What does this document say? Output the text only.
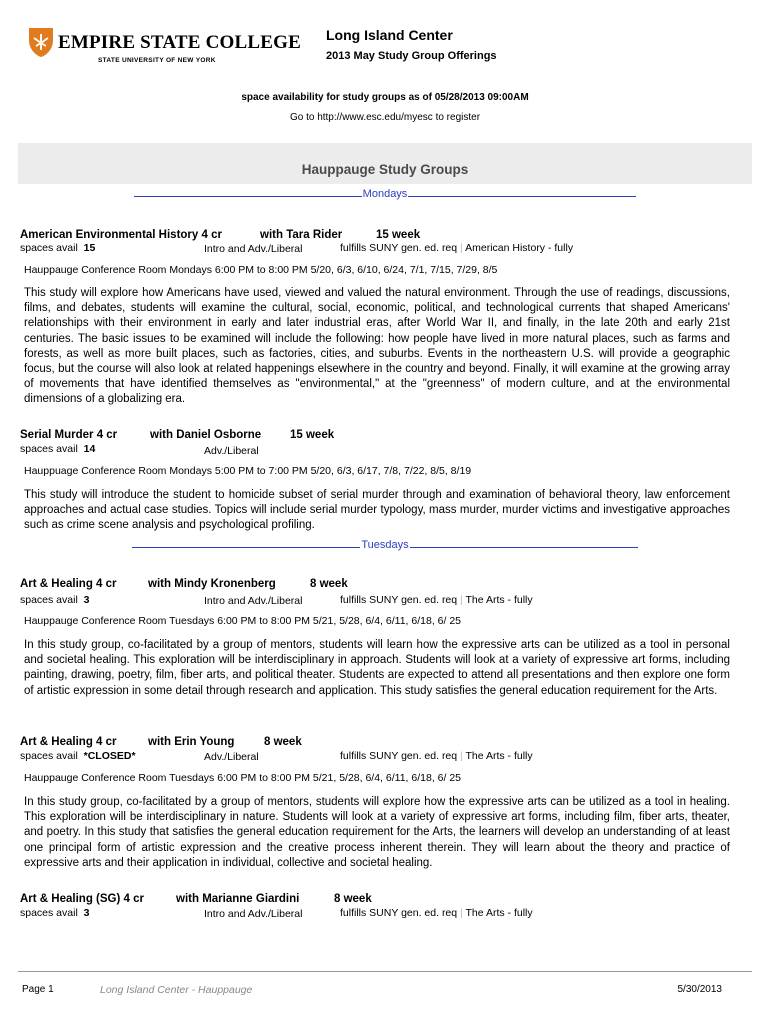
EMPIRE STATE COLLEGE
STATE UNIVERSITY OF NEW YORK
Long Island Center
2013 May Study Group Offerings
space availability for study groups as of 05/28/2013 09:00AM
Go to http://www.esc.edu/myesc to register
Hauppauge Study Groups
Mondays
American Environmental History 4 cr	with Tara Rider	15 week
spaces avail 15	Intro and Adv./Liberal	fulfills SUNY gen. ed. req | American History - fully
Hauppauge Conference Room Mondays 6:00 PM to 8:00 PM 5/20, 6/3, 6/10, 6/24, 7/1, 7/15, 7/29, 8/5
This study will explore how Americans have used, viewed and valued the natural environment. Through the use of readings, discussions, films, and debates, students will examine the cultural, social, economic, political, and technological currents that shaped Americans' relationships with their environment in early and later industrial eras, after World War II, and finally, in the late 20th and early 21st centuries. The basic issues to be examined will include the following: how people have lived in more natural places, such as farms and forests, as well as more built places, such as factories, cities, and suburbs. Events in the northeastern U.S. will provide a geographic focus, but the course will also look at related happenings elsewhere in the country and beyond. Finally, it will examine at the growing array of movements that have identified themselves as "environmental," at the "greenness" of modern culture, and at the environmental dimensions of a globalizing era.
Serial Murder 4 cr	with Daniel Osborne	15 week
spaces avail 14	Adv./Liberal
Hauppuage Conference Room Mondays 5:00 PM to 7:00 PM 5/20, 6/3, 6/17, 7/8, 7/22, 8/5, 8/19
This study will introduce the student to homicide subset of serial murder through and examination of behavioral theory, law enforcement approaches and actual case studies. Topics will include serial murder typology, mass murder, murder victims and investigative approaches such as crime scene analysis and psychological profiling.
Tuesdays
Art & Healing 4 cr	with Mindy Kronenberg	8 week
spaces avail 3	Intro and Adv./Liberal	fulfills SUNY gen. ed. req | The Arts - fully
Hauppauge Conference Room Tuesdays 6:00 PM to 8:00 PM 5/21, 5/28, 6/4, 6/11, 6/18, 6/ 25
In this study group, co-facilitated by a group of mentors, students will learn how the expressive arts can be utilized as a tool in personal and societal healing. This exploration will be interdisciplinary in approach. Students will look at a variety of expressive art forms, including painting, drawing, poetry, film, fiber arts, and political theater. Students are expected to attend all presentations and then explore one form of artistic expression in some detail through research and application. This study satisfies the general education requirement for the Arts.
Art & Healing 4 cr	with Erin Young	8 week
spaces avail *CLOSED*	Adv./Liberal	fulfills SUNY gen. ed. req | The Arts - fully
Hauppauge Conference Room Tuesdays 6:00 PM to 8:00 PM 5/21, 5/28, 6/4, 6/11, 6/18, 6/ 25
In this study group, co-facilitated by a group of mentors, students will explore how the expressive arts can be utilized as a tool in healing. This exploration will be interdisciplinary in nature. Students will look at a variety of expressive art forms, including film, fiber arts, theater, and poetry. In this study that satisfies the general education requirement for the Arts, the learners will develop an understanding of at least one principal form of artistic expression and the creative process inherent therein. They will learn about the theory and practice of expressive arts and their application in individual, collective and societal healing.
Art & Healing (SG) 4 cr	with Marianne Giardini	8 week
spaces avail 3	Intro and Adv./Liberal	fulfills SUNY gen. ed. req | The Arts - fully
Page 1	Long Island Center - Hauppauge	5/30/2013
